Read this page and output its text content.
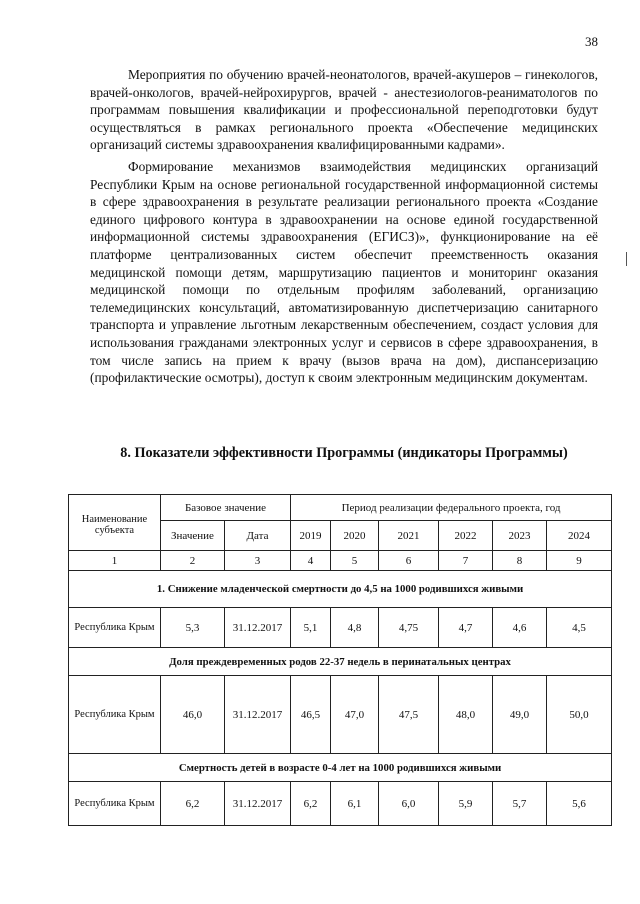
38

Мероприятия по обучению врачей-неонатологов, врачей-акушеров – гинекологов, врачей-онкологов, врачей-нейрохирургов, врачей - анестезиологов-реаниматологов по программам повышения квалификации и профессиональной переподготовки будут осуществляться в рамках регионального проекта «Обеспечение медицинских организаций системы здравоохранения квалифицированными кадрами».

Формирование механизмов взаимодействия медицинских организаций Республики Крым на основе региональной государственной информационной системы в сфере здравоохранения в результате реализации регионального проекта «Создание единого цифрового контура в здравоохранении на основе единой государственной информационной системы здравоохранения (ЕГИСЗ)», функционирование на её платформе централизованных систем обеспечит преемственность оказания медицинской помощи детям, маршрутизацию пациентов и мониторинг оказания медицинской помощи по отдельным профилям заболеваний, организацию телемедицинских консультаций, автоматизированную диспетчеризацию санитарного транспорта и управление льготным лекарственным обеспечением, создаст условия для использования гражданами электронных услуг и сервисов в сфере здравоохранения, в том числе запись на прием к врачу (вызов врача на дом), диспансеризацию (профилактические осмотры), доступ к своим электронным медицинским документам.

8. Показатели эффективности Программы (индикаторы Программы)
Наименование субъекта	Базовое значение		Период реализации федерального проекта, год					
	Значение	Дата	2019	2020	2021	2022	2023	2024
1	2	3	4	5	6	7	8	9
1. Снижение младенческой смертности до 4,5 на 1000 родившихся живыми								
Республика Крым	5,3	31.12.2017	5,1	4,8	4,75	4,7	4,6	4,5
Доля преждевременных родов 22-37 недель в перинатальных центрах								
Республика Крым	46,0	31.12.2017	46,5	47,0	47,5	48,0	49,0	50,0
Смертность детей в возрасте 0-4 лет на 1000 родившихся живыми								
Республика Крым	6,2	31.12.2017	6,2	6,1	6,0	5,9	5,7	5,6
